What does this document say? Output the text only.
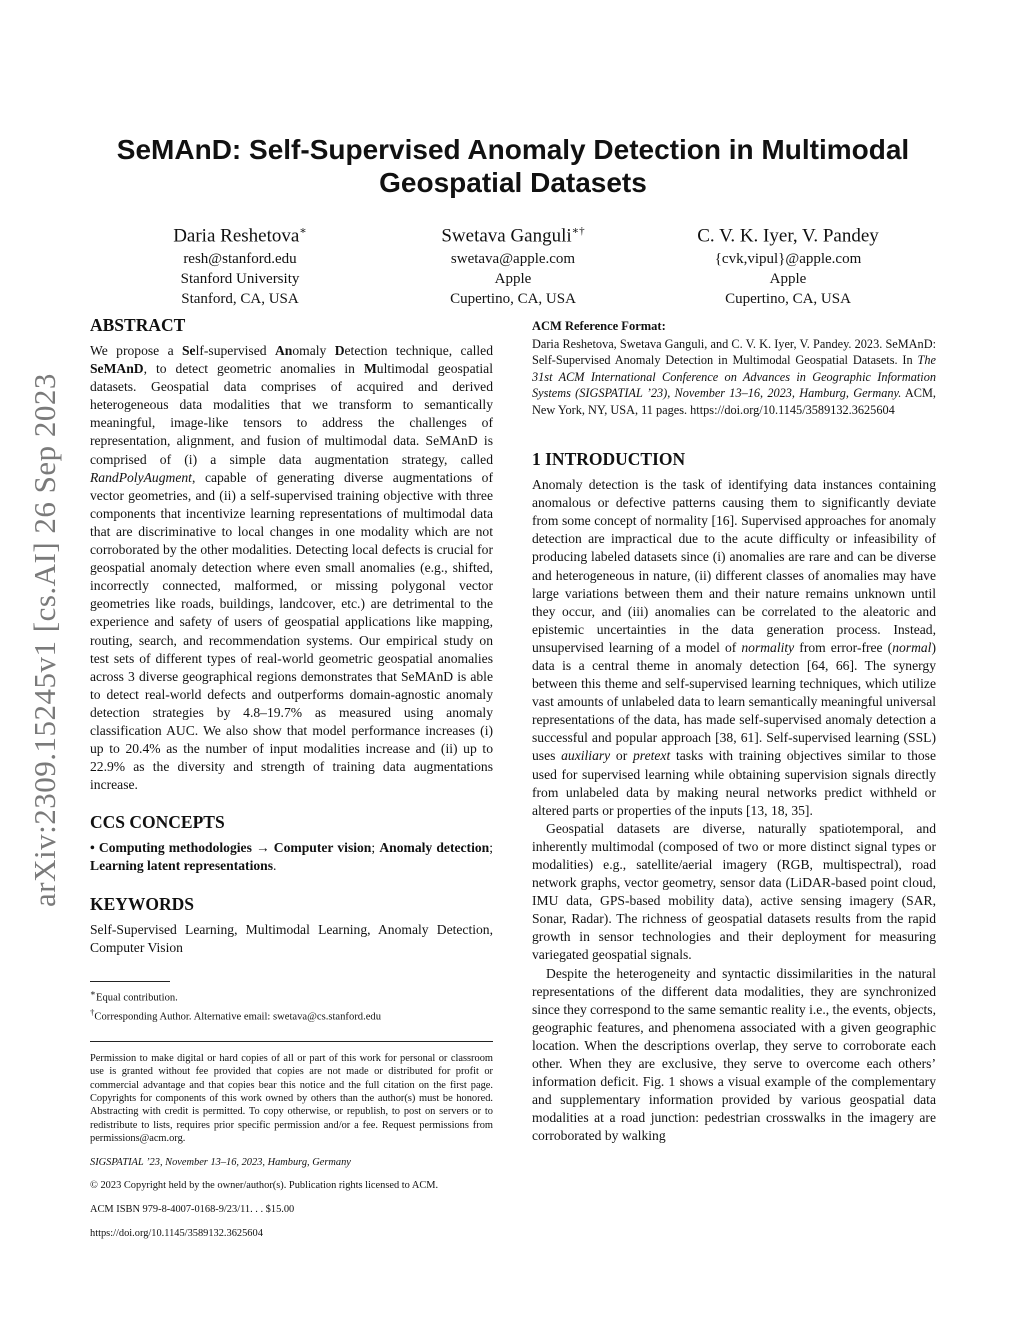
arXiv:2309.15245v1 [cs.AI] 26 Sep 2023
SeMAnD: Self-Supervised Anomaly Detection in Multimodal
Geospatial Datasets
Daria Reshetova∗
resh@stanford.edu
Stanford University
Stanford, CA, USA
Swetava Ganguli∗†
swetava@apple.com
Apple
Cupertino, CA, USA
C. V. K. Iyer, V. Pandey
{cvk,vipul}@apple.com
Apple
Cupertino, CA, USA
ABSTRACT

We propose a Self-supervised Anomaly Detection technique, called SeMAnD, to detect geometric anomalies in Multimodal geospatial datasets. Geospatial data comprises of acquired and derived heterogeneous data modalities that we transform to semantically meaningful, image-like tensors to address the challenges of representation, alignment, and fusion of multimodal data. SeMAnD is comprised of (i) a simple data augmentation strategy, called RandPolyAugment, capable of generating diverse augmentations of vector geometries, and (ii) a self-supervised training objective with three components that incentivize learning representations of multimodal data that are discriminative to local changes in one modality which are not corroborated by the other modalities. Detecting local defects is crucial for geospatial anomaly detection where even small anomalies (e.g., shifted, incorrectly connected, malformed, or missing polygonal vector geometries like roads, buildings, landcover, etc.) are detrimental to the experience and safety of users of geospatial applications like mapping, routing, search, and recommendation systems. Our empirical study on test sets of different types of real-world geometric geospatial anomalies across 3 diverse geographical regions demonstrates that SeMAnD is able to detect real-world defects and outperforms domain-agnostic anomaly detection strategies by 4.8–19.7% as measured using anomaly classification AUC. We also show that model performance increases (i) up to 20.4% as the number of input modalities increase and (ii) up to 22.9% as the diversity and strength of training data augmentations increase.

CCS CONCEPTS

• Computing methodologies → Computer vision; Anomaly detection; Learning latent representations.

KEYWORDS

Self-Supervised Learning, Multimodal Learning, Anomaly Detection, Computer Vision

∗Equal contribution.
†Corresponding Author. Alternative email: swetava@cs.stanford.edu

Permission to make digital or hard copies of all or part of this work for personal or classroom use is granted without fee provided that copies are not made or distributed for profit or commercial advantage and that copies bear this notice and the full citation on the first page. Copyrights for components of this work owned by others than the author(s) must be honored. Abstracting with credit is permitted. To copy otherwise, or republish, to post on servers or to redistribute to lists, requires prior specific permission and/or a fee. Request permissions from permissions@acm.org.

SIGSPATIAL ’23, November 13–16, 2023, Hamburg, Germany

© 2023 Copyright held by the owner/author(s). Publication rights licensed to ACM.

ACM ISBN 979-8-4007-0168-9/23/11. . . $15.00

https://doi.org/10.1145/3589132.3625604

ACM Reference Format:

Daria Reshetova, Swetava Ganguli, and C. V. K. Iyer, V. Pandey. 2023. SeMAnD: Self-Supervised Anomaly Detection in Multimodal Geospatial Datasets. In The 31st ACM International Conference on Advances in Geographic Information Systems (SIGSPATIAL ’23), November 13–16, 2023, Hamburg, Germany. ACM, New York, NY, USA, 11 pages. https://doi.org/10.1145/3589132.3625604

1 INTRODUCTION

Anomaly detection is the task of identifying data instances containing anomalous or defective patterns causing them to significantly deviate from some concept of normality [16]. Supervised approaches for anomaly detection are impractical due to the acute difficulty or infeasibility of producing labeled datasets since (i) anomalies are rare and can be diverse and heterogeneous in nature, (ii) different classes of anomalies may have large variations between them and their nature remains unknown until they occur, and (iii) anomalies can be correlated to the aleatoric and epistemic uncertainties in the data generation process. Instead, unsupervised learning of a model of normality from error-free (normal) data is a central theme in anomaly detection [64, 66]. The synergy between this theme and self-supervised learning techniques, which utilize vast amounts of unlabeled data to learn semantically meaningful universal representations of the data, has made self-supervised anomaly detection a successful and popular approach [38, 61]. Self-supervised learning (SSL) uses auxiliary or pretext tasks with training objectives similar to those used for supervised learning while obtaining supervision signals directly from unlabeled data by making neural networks predict withheld or altered parts or properties of the inputs [13, 18, 35].

Geospatial datasets are diverse, naturally spatiotemporal, and inherently multimodal (composed of two or more distinct signal types or modalities) e.g., satellite/aerial imagery (RGB, multispectral), road network graphs, vector geometry, sensor data (LiDAR-based point cloud, IMU data, GPS-based mobility data), active sensing imagery (SAR, Sonar, Radar). The richness of geospatial datasets results from the rapid growth in sensor technologies and their deployment for measuring variegated geospatial signals.

Despite the heterogeneity and syntactic dissimilarities in the natural representations of the different data modalities, they are synchronized since they correspond to the same semantic reality i.e., the events, objects, geographic features, and phenomena associated with a given geographic location. When the descriptions overlap, they serve to corroborate each other. When they are exclusive, they serve to overcome each others’ information deficit. Fig. 1 shows a visual example of the complementary and supplementary information provided by various geospatial data modalities at a road junction: pedestrian crosswalks in the imagery are corroborated by walking
